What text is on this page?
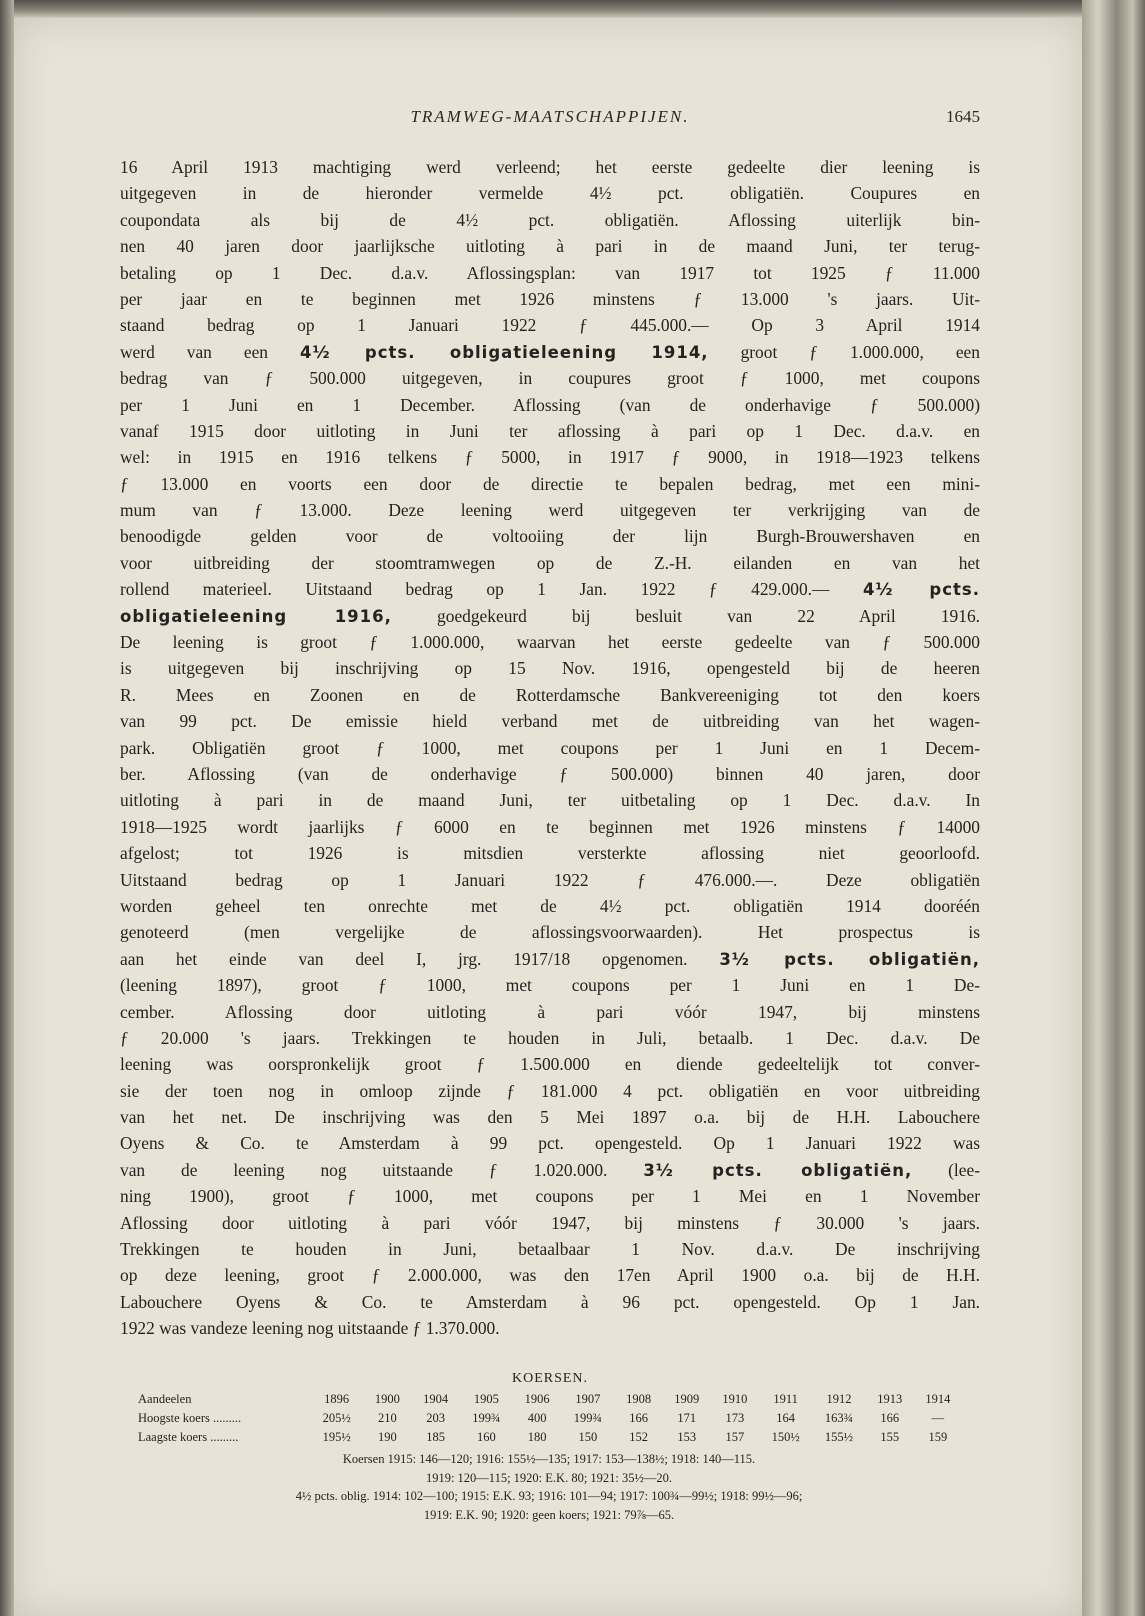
TRAMWEG-MAATSCHAPPIJEN.	1645
16 April 1913 machtiging werd verleend; het eerste gedeelte dier leening is
uitgegeven in de hieronder vermelde 4½ pct. obligatiën. Coupures en
coupondata als bij de 4½ pct. obligatiën. Aflossing uiterlijk bin-
nen 40 jaren door jaarlijksche uitloting à pari in de maand Juni, ter terug-
betaling op 1 Dec. d.a.v. Aflossingsplan: van 1917 tot 1925 ƒ 11.000
per jaar en te beginnen met 1926 minstens ƒ 13.000 's jaars. Uit-
staand bedrag op 1 Januari 1922 ƒ 445.000.— Op 3 April 1914
werd van een 4½ pcts. obligatieleening 1914, groot ƒ 1.000.000, een
bedrag van ƒ 500.000 uitgegeven, in coupures groot ƒ 1000, met coupons
per 1 Juni en 1 December. Aflossing (van de onderhavige ƒ 500.000)
vanaf 1915 door uitloting in Juni ter aflossing à pari op 1 Dec. d.a.v. en
wel: in 1915 en 1916 telkens ƒ 5000, in 1917 ƒ 9000, in 1918—1923 telkens
ƒ 13.000 en voorts een door de directie te bepalen bedrag, met een mini-
mum van ƒ 13.000. Deze leening werd uitgegeven ter verkrijging van de
benoodigde gelden voor de voltooiing der lijn Burgh-Brouwershaven en
voor uitbreiding der stoomtramwegen op de Z.-H. eilanden en van het
rollend materieel. Uitstaand bedrag op 1 Jan. 1922 ƒ 429.000.— 4½ pcts.
obligatieleening 1916, goedgekeurd bij besluit van 22 April 1916.
De leening is groot ƒ 1.000.000, waarvan het eerste gedeelte van ƒ 500.000
is uitgegeven bij inschrijving op 15 Nov. 1916, opengesteld bij de heeren
R. Mees en Zoonen en de Rotterdamsche Bankvereeniging tot den koers
van 99 pct. De emissie hield verband met de uitbreiding van het wagen-
park. Obligatiën groot ƒ 1000, met coupons per 1 Juni en 1 Decem-
ber. Aflossing (van de onderhavige ƒ 500.000) binnen 40 jaren, door
uitloting à pari in de maand Juni, ter uitbetaling op 1 Dec. d.a.v. In
1918—1925 wordt jaarlijks ƒ 6000 en te beginnen met 1926 minstens ƒ 14000
afgelost; tot 1926 is mitsdien versterkte aflossing niet geoorloofd.
Uitstaand bedrag op 1 Januari 1922 ƒ 476.000.—. Deze obligatiën
worden geheel ten onrechte met de 4½ pct. obligatiën 1914 dooréén
genoteerd (men vergelijke de aflossingsvoorwaarden). Het prospectus is
aan het einde van deel I, jrg. 1917/18 opgenomen. 3½ pcts. obligatiën,
(leening 1897), groot ƒ 1000, met coupons per 1 Juni en 1 De-
cember. Aflossing door uitloting à pari vóór 1947, bij minstens
ƒ 20.000 's jaars. Trekkingen te houden in Juli, betaalb. 1 Dec. d.a.v. De
leening was oorspronkelijk groot ƒ 1.500.000 en diende gedeeltelijk tot conver-
sie der toen nog in omloop zijnde ƒ 181.000 4 pct. obligatiën en voor uitbreiding
van het net. De inschrijving was den 5 Mei 1897 o.a. bij de H.H. Labouchere
Oyens & Co. te Amsterdam à 99 pct. opengesteld. Op 1 Januari 1922 was
van de leening nog uitstaande ƒ 1.020.000. 3½ pcts. obligatiën, (lee-
ning 1900), groot ƒ 1000, met coupons per 1 Mei en 1 November
Aflossing door uitloting à pari vóór 1947, bij minstens ƒ 30.000 's jaars.
Trekkingen te houden in Juni, betaalbaar 1 Nov. d.a.v. De inschrijving
op deze leening, groot ƒ 2.000.000, was den 17en April 1900 o.a. bij de H.H.
Labouchere Oyens & Co. te Amsterdam à 96 pct. opengesteld. Op 1 Jan.
1922 was vandeze leening nog uitstaande ƒ 1.370.000.
KOERSEN.
Aandeelen	1896	1900	1904	1905	1906	1907	1908	1909	1910	1911	1912	1913	1914
Hoogste koers .........	205½	210	203	199¾	400	199¾	166	171	173	164	163¾	166	—
Laagste koers .........	195½	190	185	160	180	150	152	153	157	150½	155½	155	159
Koersen 1915: 146—120; 1916: 155½—135; 1917: 153—138½; 1918: 140—115.
1919: 120—115; 1920: E.K. 80; 1921: 35½—20.
4½ pcts. oblig. 1914: 102—100; 1915: E.K. 93; 1916: 101—94; 1917: 100¾—99½; 1918: 99½—96;
1919: E.K. 90; 1920: geen koers; 1921: 79⅞—65.
